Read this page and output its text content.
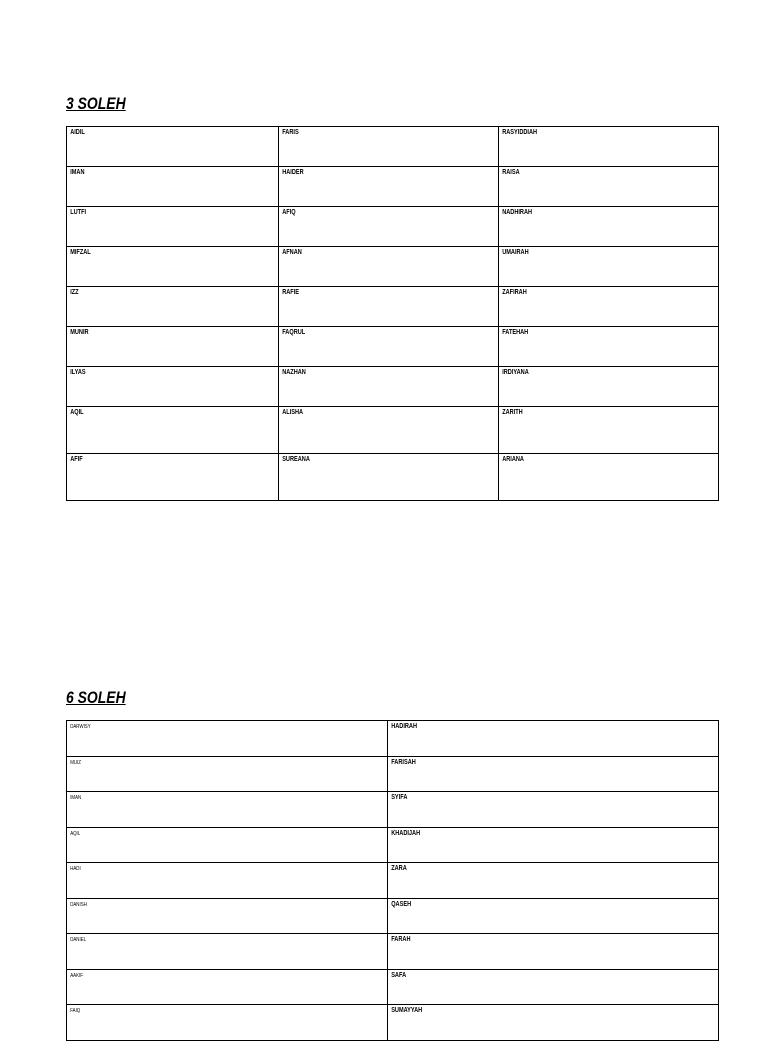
3 SOLEH
AIDIL	FARIS	RASYIDDIAH

IMAN	HAIDER	RAISA

LUTFI	AFIQ	NADHIRAH

MIFZAL	AFNAN	UMAIRAH

IZZ	RAFIE	ZAFIRAH

MUNIR	FAQRUL	FATEHAH

ILYAS	NAZHAN	IRDIYANA

AQIL	ALISHA	ZARITH

AFIF	SUREANA	ARIANA
6 SOLEH
DARWISY	HADIRAH

MUIZ	FARISAH

IMAN	SYIFA

AQIL	KHADIJAH

HADI	ZARA

DANISH	QASEH

DANIEL	FARAH

AAKIF	SAFA

FAIQ	SUMAYYAH
